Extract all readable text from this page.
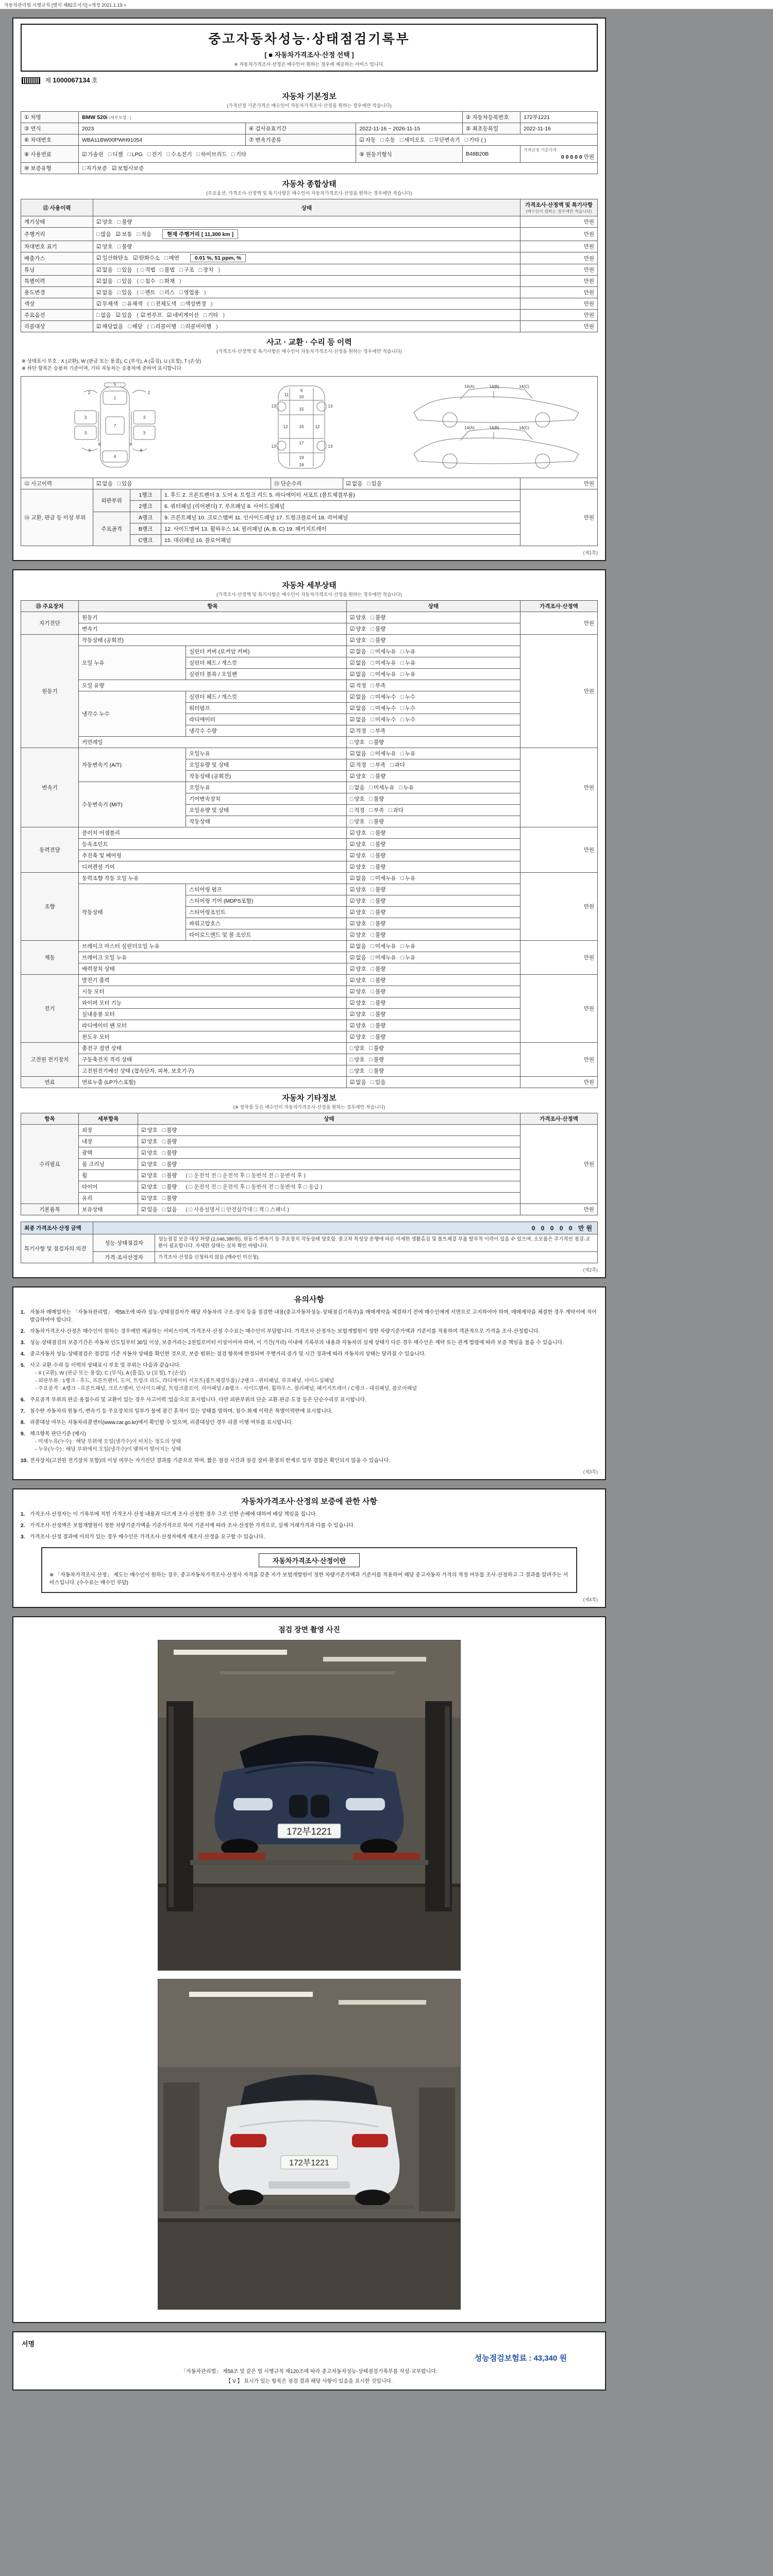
자동차관리법 시행규칙 [별지 제82호서식] <개정 2021.1.19.>
중고자동차성능·상태점검기록부
[ ■ 자동차가격조사·산정 선택 ]
※ 자동차가격조사·산정은 매수인이 원하는 경우에 제공하는 서비스 입니다.
제 1000067134 호
자동차 기본정보
(가격산정 기준가격은 매수인이 자동차가격조사·산정을 원하는 경우에만 적습니다)
① 차명	BMW 520i (세부모델 : )			② 자동차등록번호	172부1221
③ 연식	2023	④ 검사유효기간	2022-11-16 ~ 2026-11-15	⑤ 최초등록일	2022-11-16
⑥ 차대번호	WBA11BW00PWH91054	⑦ 변속기종류	☑ 자동 □ 수동 □ 세미오토 □ 무단변속기 □ 기타 ( )		
⑧ 사용연료	☑ 가솔린 □ 디젤 □ LPG □ 전기 □ 수소전기 □ 하이브리드 □ 기타		⑨ 원동기형식	B48B20B	가격산정 기준가격
0 0 0 0 0 만원

⑩ 보증유형	□ 자가보증 ☑ 보험사보증				
자동차 종합상태
(주요옵션, 가격조사·산정액 및 특기사항은 매수인이 자동차가격조사·산정을 원하는 경우에만 적습니다)
⑪ 사용이력	상태	가격조사·산정액 및 특기사항
(매수인이 원하는 경우에만 적습니다)

계기상태	☑ 양호 □ 불량	만원
주행거리	□ 많음 ☑ 보통 □ 적음 현재 주행거리 [ 11,300 km ]	만원
차대번호 표기	☑ 양호 □ 불량	만원
배출가스	☑ 일산화탄소 ☑ 탄화수소 □ 매연 0.01 %, 51 ppm, %	만원
튜닝	☑ 없음 □ 있음 ( □ 적법 □ 불법 □ 구조 □ 장치 )	만원
특별이력	☑ 없음 □ 있음 ( □ 침수 □ 화재 )	만원
용도변경	☑ 없음 □ 있음 ( □ 렌트 □ 리스 □ 영업용 )	만원
색상	☑ 무채색 □ 유채색 ( □ 전체도색 □ 색상변경 )	만원
주요옵션	□ 없음 ☑ 있음 ( ☑ 썬루프 ☑ 네비게이션 □ 기타 )	만원
리콜대상	☑ 해당없음 □ 해당 ( □ 리콜이행 □ 리콜미이행 )	만원
사고 · 교환 · 수리 등 이력
(가격조사·산정액 및 특기사항은 매수인이 자동차가격조사·산정을 원하는 경우에만 적습니다)
※ 상태표시 부호 : X (교환), W (판금 또는 용접), C (부식), A (흠집), U (요철), T (손상)
※ 하단 항목은 승용차 기준이며, 기타 자동차는 승용차에 준하여 표시합니다.
5
1
7
4
2	2
3	3
3	3
6	6
8	8
9
10
11
15
16
12	12
13	13
13	13
17
19
18
14(A)	14(B)	14(C)
14(A)	14(B)	14(C)
⑫ 사고이력	☑ 없음 □ 있음	⑬ 단순수리	☑ 없음 □ 있음	만원
⑭ 교환, 판금 등 이상 부위	외판부위	1랭크	1. 후드 2. 프론트펜더 3. 도어 4. 트렁크 리드 5. 라디에이터 서포트 (볼트체결부품)	만원
		2랭크	6. 쿼터패널 (리어펜더) 7. 루프패널 8. 사이드실패널	
	주요골격	A랭크	9. 프론트패널 10. 크로스멤버 11. 인사이드패널 17. 트렁크플로어 18. 리어패널	
		B랭크	12. 사이드멤버 13. 휠하우스 14. 필러패널 (A, B, C) 19. 패키지트레이	
		C랭크	15. 대쉬패널 16. 플로어패널	
(제1쪽)
자동차 세부상태
(가격조사·산정액 및 특기사항은 매수인이 자동차가격조사·산정을 원하는 경우에만 적습니다)
⑮ 주요장치	항목		상태	가격조사·산정액
자기진단	원동기		☑ 양호 □ 불량	만원
	변속기		☑ 양호 □ 불량	
원동기	작동상태 (공회전)		☑ 양호 □ 불량	만원
	오일 누유	실린더 커버 (로커암 커버)	☑ 없음 □ 미세누유 □ 누유	
		실린더 헤드 / 개스킷	☑ 없음 □ 미세누유 □ 누유	
		실린더 블록 / 오일팬	☑ 없음 □ 미세누유 □ 누유	
	오일 유량		☑ 적정 □ 부족	
	냉각수 누수	실린더 헤드 / 개스킷	☑ 없음 □ 미세누수 □ 누수	
		워터펌프	☑ 없음 □ 미세누수 □ 누수	
		라디에이터	☑ 없음 □ 미세누수 □ 누수	
		냉각수 수량	☑ 적정 □ 부족	
	커먼레일		□ 양호 □ 불량	
변속기	자동변속기 (A/T)	오일누유	☑ 없음 □ 미세누유 □ 누유	만원
		오일유량 및 상태	☑ 적정 □ 부족 □ 과다	
		작동상태 (공회전)	☑ 양호 □ 불량	
	수동변속기 (M/T)	오일누유	□ 없음 □ 미세누유 □ 누유	
		기어변속장치	□ 양호 □ 불량	
		오일유량 및 상태	□ 적정 □ 부족 □ 과다	
		작동상태	□ 양호 □ 불량	
동력전달	클러치 어셈블리		☑ 양호 □ 불량	만원
	등속조인트		☑ 양호 □ 불량	
	추진축 및 베어링		☑ 양호 □ 불량	
	디퍼렌셜 기어		☑ 양호 □ 불량	
조향	동력조향 작동 오일 누유		☑ 없음 □ 미세누유 □ 누유	만원
	작동상태	스티어링 펌프	☑ 양호 □ 불량	
		스티어링 기어 (MDPS포함)	☑ 양호 □ 불량	
		스티어링조인트	☑ 양호 □ 불량	
		파워고압호스	☑ 양호 □ 불량	
		타이로드엔드 및 볼 조인트	☑ 양호 □ 불량	
제동	브레이크 마스터 실린더오일 누유		☑ 없음 □ 미세누유 □ 누유	만원
	브레이크 오일 누유		☑ 없음 □ 미세누유 □ 누유	
	배력장치 상태		☑ 양호 □ 불량	
전기	발전기 출력		☑ 양호 □ 불량	만원
	시동 모터		☑ 양호 □ 불량	
	와이퍼 모터 기능		☑ 양호 □ 불량	
	실내송풍 모터		☑ 양호 □ 불량	
	라디에이터 팬 모터		☑ 양호 □ 불량	
	윈도우 모터		☑ 양호 □ 불량	
고전원 전기장치	충전구 절연 상태		□ 양호 □ 불량	만원
	구동축전지 격리 상태		□ 양호 □ 불량	
	고전원전기배선 상태 (접속단자, 피복, 보호기구)		□ 양호 □ 불량	
연료	연료누출 (LP가스포함)		☑ 없음 □ 있음	만원
자동차 기타정보
(※ 장착품 등은 매수인이 자동차가격조사·산정을 원하는 경우에만 적습니다)
항목	세부항목	상태	가격조사·산정액
수리필요	외장	☑ 양호 □ 불량	만원
	내장	☑ 양호 □ 불량	
	광택	☑ 양호 □ 불량	
	룸 크리닝	☑ 양호 □ 불량	
	휠	☑ 양호 □ 불량 ( □ 운전석 전 □ 운전석 후 □ 동반석 전 □ 동반석 후 )	
	타이어	☑ 양호 □ 불량 ( □ 운전석 전 □ 운전석 후 □ 동반석 전 □ 동반석 후 □ 응급 )	
	유리	☑ 양호 □ 불량	
기본품목	보유상태	☑ 있음 □ 없음 ( □ 사용설명서 □ 안전삼각대 □ 잭 □ 스패너 )	만원
최종 가격조사·산정 금액	0 0 0 0 0 만원
특기사항 및 점검자의 의견	성능·상태점검자	성능점검 보증 대상 차량 (2,046,380원). 원동기·변속기 등 주요장치 작동상태 양호함. 중고차 특성상 운행에 따른 미세한 생활흠집 및 볼트체결 부품 탈부착 이력이 있을 수 있으며, 소모품은 주기적인 점검·교환이 필요합니다. 자세한 상태는 실차 확인 바랍니다.
	가격·조사산정자	가격조사·산정을 신청하지 않음 (매수인 미신청).
(제2쪽)
유의사항
1. 자동차 매매업자는 「자동차관리법」 제58조에 따라 성능·상태점검자가 해당 자동차의 구조·장치 등을 점검한 내용(중고자동차성능·상태점검기록부)을 매매계약을 체결하기 전에 매수인에게 서면으로 고지하여야 하며, 매매계약을 체결한 경우 계약서에 적어 발급하여야 합니다.
2. 자동차가격조사·산정은 매수인이 원하는 경우에만 제공하는 서비스이며, 가격조사·산정 수수료는 매수인이 부담합니다. 가격조사·산정자는 보험개발원이 정한 차량기준가액과 기준서를 적용하여 객관적으로 가격을 조사·산정합니다.
3. 성능·상태점검의 보증기간은 자동차 인도일부터 30일 이상, 보증거리는 2천킬로미터 이상이어야 하며, 이 기간(거리) 이내에 기록부의 내용과 자동차의 실제 상태가 다른 경우 매수인은 계약 또는 관계 법령에 따라 보증 책임을 물을 수 있습니다.
4. 중고자동차 성능·상태점검은 점검일 기준 자동차 상태를 확인한 것으로, 보증 범위는 점검 항목에 한정되며 주행거리 증가 및 시간 경과에 따라 자동차의 상태는 달라질 수 있습니다.
5. 사고·교환·수리 등 이력의 상태표시 부호 및 부위는 다음과 같습니다.
- X (교환), W (판금 또는 용접), C (부식), A (흠집), U (요철), T (손상)
- 외판부위 : 1랭크 - 후드, 프론트펜더, 도어, 트렁크 리드, 라디에이터 서포트(볼트체결부품) / 2랭크 - 쿼터패널, 루프패널, 사이드실패널
- 주요골격 : A랭크 - 프론트패널, 크로스멤버, 인사이드패널, 트렁크플로어, 리어패널 / B랭크 - 사이드멤버, 휠하우스, 필러패널, 패키지트레이 / C랭크 - 대쉬패널, 플로어패널
6. 주요골격 부위의 판금·용접수리 및 교환이 있는 경우 사고이력 '있음'으로 표시합니다. 다만 외판부위의 단순 교환·판금·도장 등은 단순수리로 표시합니다.
7. 침수란 자동차의 원동기, 변속기 등 주요장치의 일부가 물에 잠긴 흔적이 있는 상태를 말하며, 침수·화재 이력은 특별이력란에 표시합니다.
8. 리콜대상 여부는 자동차리콜센터(www.car.go.kr)에서 확인할 수 있으며, 리콜대상인 경우 리콜 이행 여부를 표시합니다.
9. 체크항목 판단기준 (예시)
- 미세누유(누수) : 해당 부위에 오일(냉각수)이 비치는 정도의 상태
- 누유(누수) : 해당 부위에서 오일(냉각수)이 맺혀서 떨어지는 상태
10. 전자장치(고전원 전기장치 포함)의 이상 여부는 자기진단 결과를 기준으로 하며, 짧은 점검 시간과 점검 장비·환경의 한계로 일부 결함은 확인되지 않을 수 있습니다.
(제3쪽)
자동차가격조사·산정의 보증에 관한 사항
1. 가격조사·산정자는 이 기록부에 적힌 가격조사·산정 내용과 다르게 조사·산정한 경우 그로 인한 손해에 대하여 배상 책임을 집니다.
2. 가격조사·산정액은 보험개발원이 정한 차량기준가액을 기준가격으로 하여 기준서에 따라 조사·산정한 가격으로, 실제 거래가격과 다를 수 있습니다.
3. 가격조사·산정 결과에 이의가 있는 경우 매수인은 가격조사·산정자에게 재조사·산정을 요구할 수 있습니다.
자동차가격조사·산정이란
※ 「자동차가격조사·산정」 제도는 매수인이 원하는 경우, 중고자동차가격조사·산정사 자격을 갖춘 자가 보험개발원이 정한 차량기준가액과 기준서를 적용하여 해당 중고자동차 가격의 적정 여부를 조사·산정하고 그 결과를 알려주는 서비스입니다. (수수료는 매수인 부담)
(제4쪽)
점검 장면 촬영 사진
172부1221
172부1221
서명
성능점검보험료 : 43,340 원
「자동차관리법」 제58조 및 같은 법 시행규칙 제120조에 따라 중고자동차성능·상태점검기록부를 작성·교부합니다.
【 V 】 표시가 있는 항목은 점검 결과 해당 사항이 있음을 표시한 것입니다.
